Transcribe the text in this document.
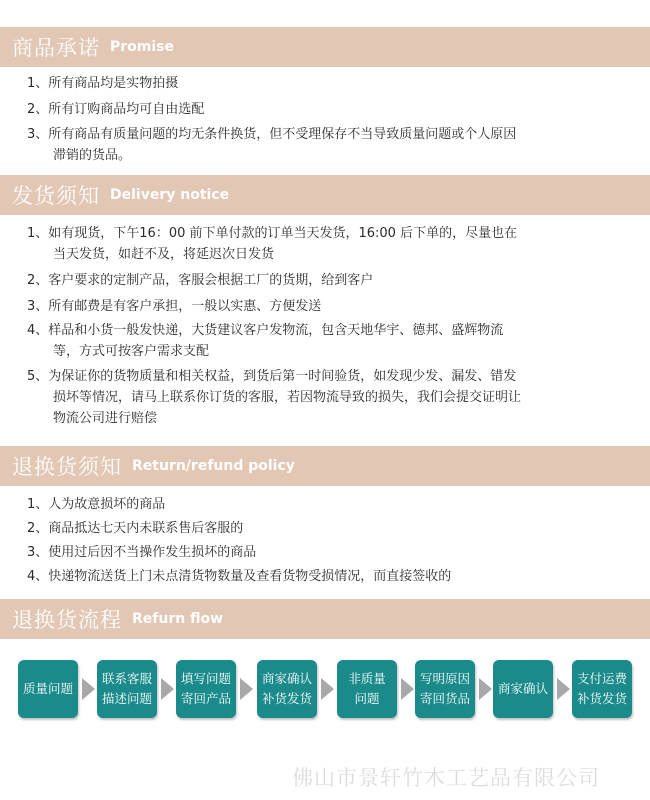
商品承诺 Promise
1、所有商品均是实物拍摄
2、所有订购商品均可自由选配
3、所有商品有质量问题的均无条件换货，但不受理保存不当导致质量问题或个人原因
滞销的货品。
发货须知 Delivery notice
1、如有现货，下午16：00 前下单付款的订单当天发货，16:00 后下单的，尽量也在
当天发货，如赶不及，将延迟次日发货
2、客户要求的定制产品，客服会根据工厂的货期，给到客户
3、所有邮费是有客户承担，一般以实惠、方便发送
4、样品和小货一般发快递，大货建议客户发物流，包含天地华宇、德邦、盛辉物流
等，方式可按客户需求支配
5、为保证你的货物质量和相关权益，到货后第一时间验货，如发现少发、漏发、错发
损坏等情况，请马上联系你订货的客服，若因物流导致的损失，我们会提交证明让
物流公司进行赔偿
退换货须知 Return/refund policy
1、人为故意损坏的商品
2、商品抵达七天内未联系售后客服的
3、使用过后因不当操作发生损坏的商品
4、快递物流送货上门未点清货物数量及查看货物受损情况，而直接签收的
退换货流程 Refurn flow
质量问题
联系客服
描述问题
填写问题
寄回产品
商家确认
补货发货
非质量
问题
写明原因
寄回货品
商家确认
支付运费
补货发货
佛山市景轩竹木工艺品有限公司
